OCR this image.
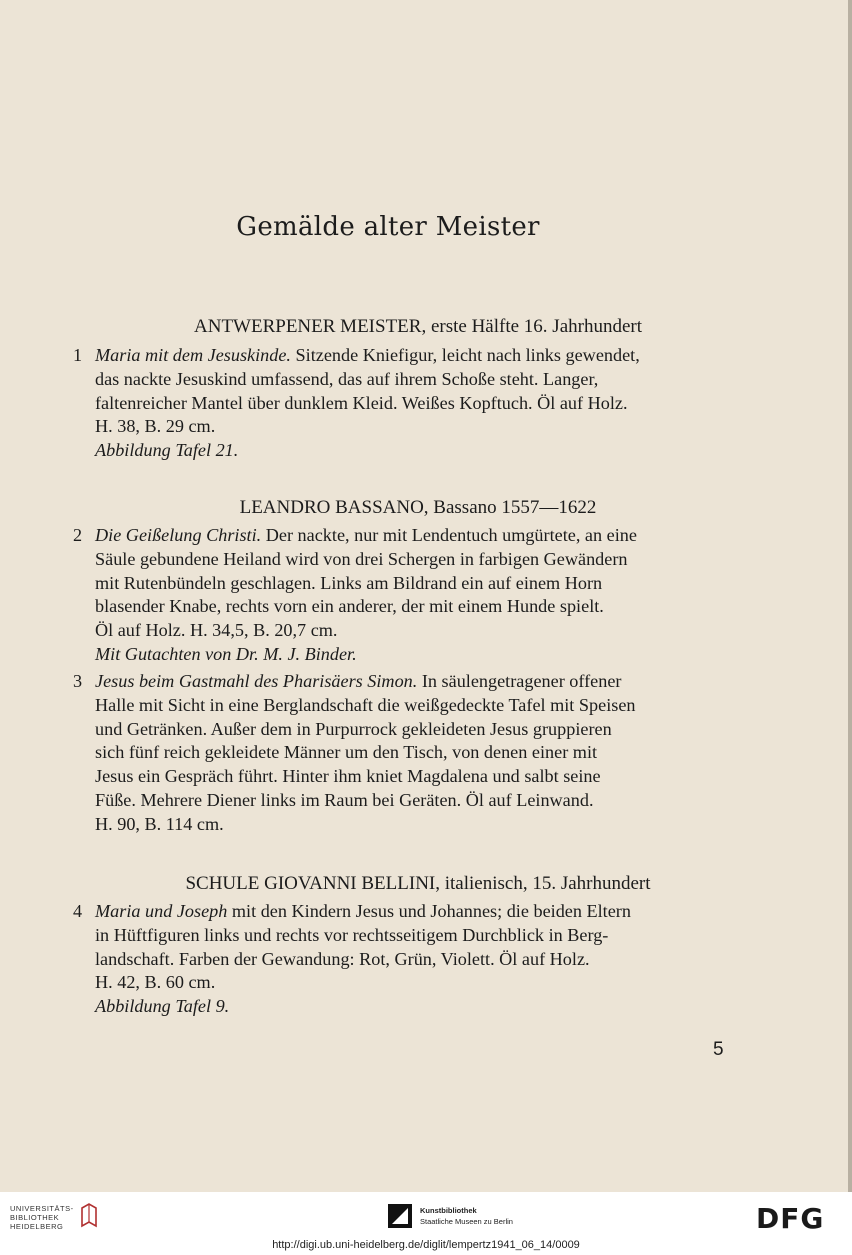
Gemälde alter Meister
ANTWERPENER MEISTER, erste Hälfte 16. Jahrhundert
1 Maria mit dem Jesuskinde. Sitzende Kniefigur, leicht nach links gewendet,
das nackte Jesuskind umfassend, das auf ihrem Schoße steht. Langer,
faltenreicher Mantel über dunklem Kleid. Weißes Kopftuch. Öl auf Holz.
H. 38, B. 29 cm.
Abbildung Tafel 21.

LEANDRO BASSANO, Bassano 1557—1622
2 Die Geißelung Christi. Der nackte, nur mit Lendentuch umgürtete, an eine
Säule gebundene Heiland wird von drei Schergen in farbigen Gewändern
mit Rutenbündeln geschlagen. Links am Bildrand ein auf einem Horn
blasender Knabe, rechts vorn ein anderer, der mit einem Hunde spielt.
Öl auf Holz. H. 34,5, B. 20,7 cm.
Mit Gutachten von Dr. M. J. Binder.

3 Jesus beim Gastmahl des Pharisäers Simon. In säulengetragener offener
Halle mit Sicht in eine Berglandschaft die weißgedeckte Tafel mit Speisen
und Getränken. Außer dem in Purpurrock gekleideten Jesus gruppieren
sich fünf reich gekleidete Männer um den Tisch, von denen einer mit
Jesus ein Gespräch führt. Hinter ihm kniet Magdalena und salbt seine
Füße. Mehrere Diener links im Raum bei Geräten. Öl auf Leinwand.
H. 90, B. 114 cm.

SCHULE GIOVANNI BELLINI, italienisch, 15. Jahrhundert
4 Maria und Joseph mit den Kindern Jesus und Johannes; die beiden Eltern
in Hüftfiguren links und rechts vor rechtsseitigem Durchblick in Berg-
landschaft. Farben der Gewandung: Rot, Grün, Violett. Öl auf Holz.
H. 42, B. 60 cm.
Abbildung Tafel 9.

5
UNIVERSITÄTS-
BIBLIOTHEK
HEIDELBERG
Kunstbibliothek
Staatliche Museen zu Berlin	DFG
http://digi.ub.uni-heidelberg.de/diglit/lempertz1941_06_14/0009
